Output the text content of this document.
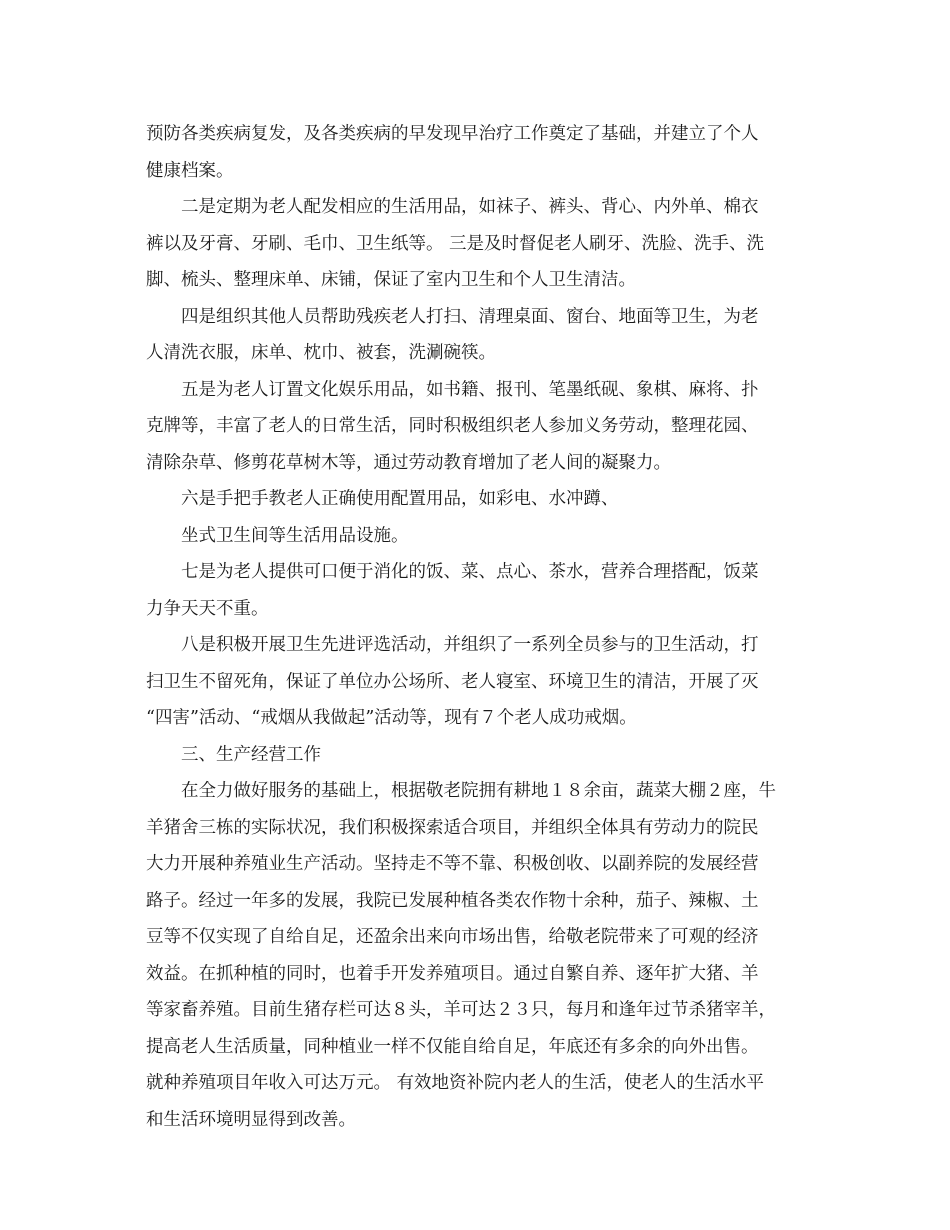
预防各类疾病复发，及各类疾病的早发现早治疗工作奠定了基础，并建立了个人
健康档案。
二是定期为老人配发相应的生活用品，如袜子、裤头、背心、内外单、棉衣
裤以及牙膏、牙刷、毛巾、卫生纸等。 三是及时督促老人刷牙、洗脸、洗手、洗
脚、梳头、整理床单、床铺，保证了室内卫生和个人卫生清洁。
四是组织其他人员帮助残疾老人打扫、清理桌面、窗台、地面等卫生，为老
人清洗衣服，床单、枕巾、被套，洗涮碗筷。
五是为老人订置文化娱乐用品，如书籍、报刊、笔墨纸砚、象棋、麻将、扑
克牌等，丰富了老人的日常生活，同时积极组织老人参加义务劳动，整理花园、
清除杂草、修剪花草树木等，通过劳动教育增加了老人间的凝聚力。
六是手把手教老人正确使用配置用品，如彩电、水冲蹲、
坐式卫生间等生活用品设施。
七是为老人提供可口便于消化的饭、菜、点心、茶水，营养合理搭配，饭菜
力争天天不重。
八是积极开展卫生先进评选活动，并组织了一系列全员参与的卫生活动，打
扫卫生不留死角，保证了单位办公场所、老人寝室、环境卫生的清洁，开展了灭
“四害”活动、“戒烟从我做起”活动等，现有７个老人成功戒烟。
三、生产经营工作
在全力做好服务的基础上，根据敬老院拥有耕地１８余亩，蔬菜大棚２座，牛
羊猪舍三栋的实际状况，我们积极探索适合项目，并组织全体具有劳动力的院民
大力开展种养殖业生产活动。坚持走不等不靠、积极创收、以副养院的发展经营
路子。经过一年多的发展，我院已发展种植各类农作物十余种，茄子、辣椒、土
豆等不仅实现了自给自足，还盈余出来向市场出售，给敬老院带来了可观的经济
效益。在抓种植的同时，也着手开发养殖项目。通过自繁自养、逐年扩大猪、羊
等家畜养殖。目前生猪存栏可达８头，羊可达２３只，每月和逢年过节杀猪宰羊，
提高老人生活质量，同种植业一样不仅能自给自足，年底还有多余的向外出售。
就种养殖项目年收入可达万元。 有效地资补院内老人的生活，使老人的生活水平
和生活环境明显得到改善。
